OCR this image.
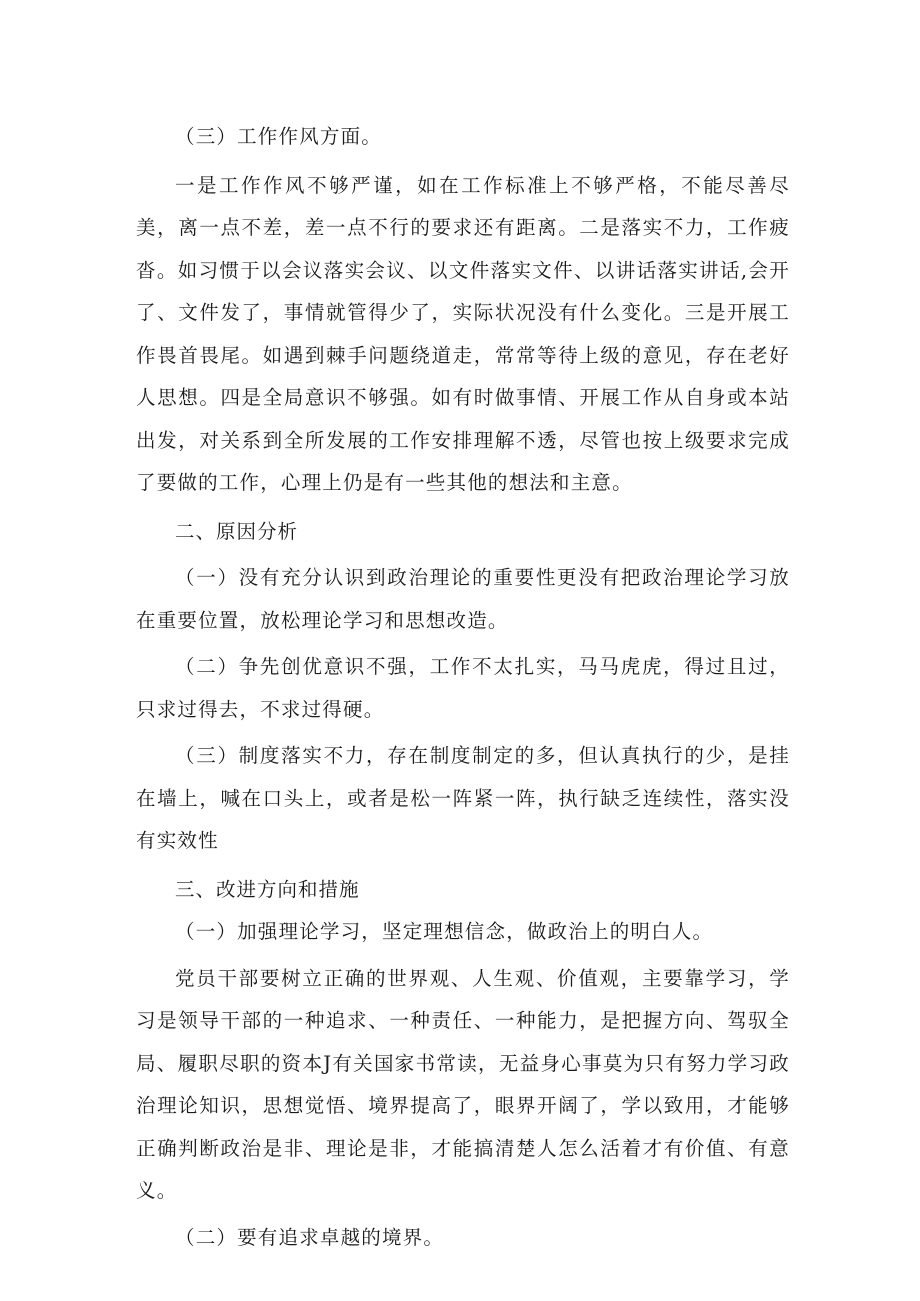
（三）工作作风方面。

一是工作作风不够严谨，如在工作标准上不够严格，不能尽善尽美，离一点不差，差一点不行的要求还有距离。二是落实不力，工作疲沓。如习惯于以会议落实会议、以文件落实文件、以讲话落实讲话,会开了、文件发了，事情就管得少了，实际状况没有什么变化。三是开展工作畏首畏尾。如遇到棘手问题绕道走，常常等待上级的意见，存在老好人思想。四是全局意识不够强。如有时做事情、开展工作从自身或本站出发，对关系到全所发展的工作安排理解不透，尽管也按上级要求完成了要做的工作，心理上仍是有一些其他的想法和主意。

二、原因分析

（一）没有充分认识到政治理论的重要性更没有把政治理论学习放在重要位置，放松理论学习和思想改造。

（二）争先创优意识不强，工作不太扎实，马马虎虎，得过且过，只求过得去，不求过得硬。

（三）制度落实不力，存在制度制定的多，但认真执行的少，是挂在墙上，喊在口头上，或者是松一阵紧一阵，执行缺乏连续性，落实没有实效性

三、改进方向和措施

（一）加强理论学习，坚定理想信念，做政治上的明白人。

党员干部要树立正确的世界观、人生观、价值观，主要靠学习，学习是领导干部的一种追求、一种责任、一种能力，是把握方向、驾驭全局、履职尽职的资本J有关国家书常读，无益身心事莫为只有努力学习政治理论知识，思想觉悟、境界提高了，眼界开阔了，学以致用，才能够正确判断政治是非、理论是非，才能搞清楚人怎么活着才有价值、有意义。

（二）要有追求卓越的境界。
